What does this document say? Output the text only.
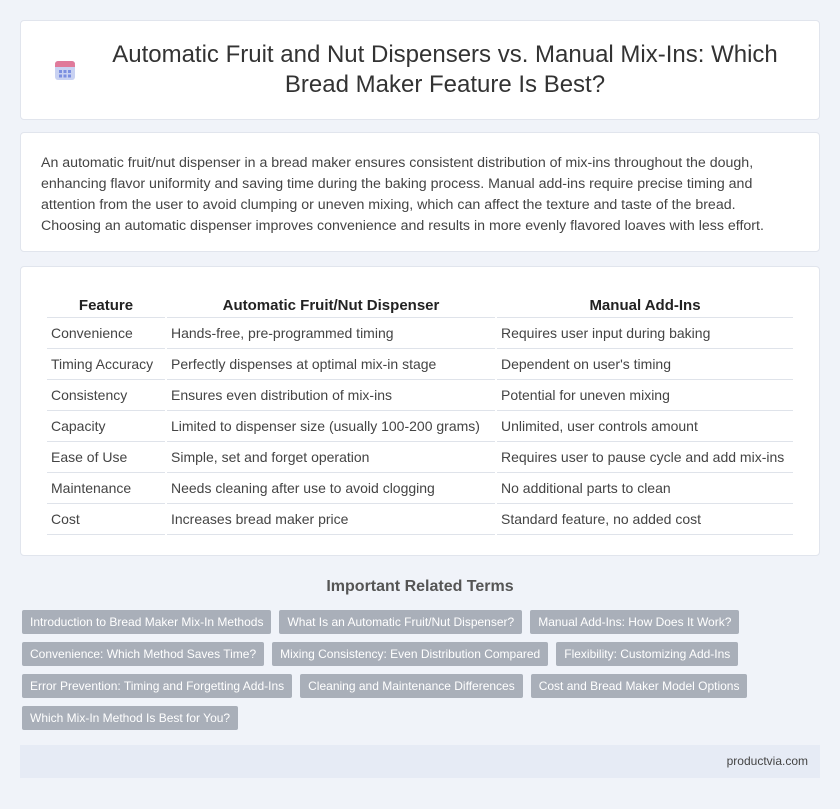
Automatic Fruit and Nut Dispensers vs. Manual Mix-Ins: Which Bread Maker Feature Is Best?

An automatic fruit/nut dispenser in a bread maker ensures consistent distribution of mix-ins throughout the dough, enhancing flavor uniformity and saving time during the baking process. Manual add-ins require precise timing and attention from the user to avoid clumping or uneven mixing, which can affect the texture and taste of the bread. Choosing an automatic dispenser improves convenience and results in more evenly flavored loaves with less effort.

Feature	Automatic Fruit/Nut Dispenser	Manual Add-Ins
Convenience	Hands-free, pre-programmed timing	Requires user input during baking
Timing Accuracy	Perfectly dispenses at optimal mix-in stage	Dependent on user's timing
Consistency	Ensures even distribution of mix-ins	Potential for uneven mixing
Capacity	Limited to dispenser size (usually 100-200 grams)	Unlimited, user controls amount
Ease of Use	Simple, set and forget operation	Requires user to pause cycle and add mix-ins
Maintenance	Needs cleaning after use to avoid clogging	No additional parts to clean
Cost	Increases bread maker price	Standard feature, no added cost
Important Related Terms
Introduction to Bread Maker Mix-In Methods	What Is an Automatic Fruit/Nut Dispenser?	Manual Add-Ins: How Does It Work?
Convenience: Which Method Saves Time?	Mixing Consistency: Even Distribution Compared	Flexibility: Customizing Add-Ins
Error Prevention: Timing and Forgetting Add-Ins	Cleaning and Maintenance Differences	Cost and Bread Maker Model Options
Which Mix-In Method Is Best for You?
productvia.com
